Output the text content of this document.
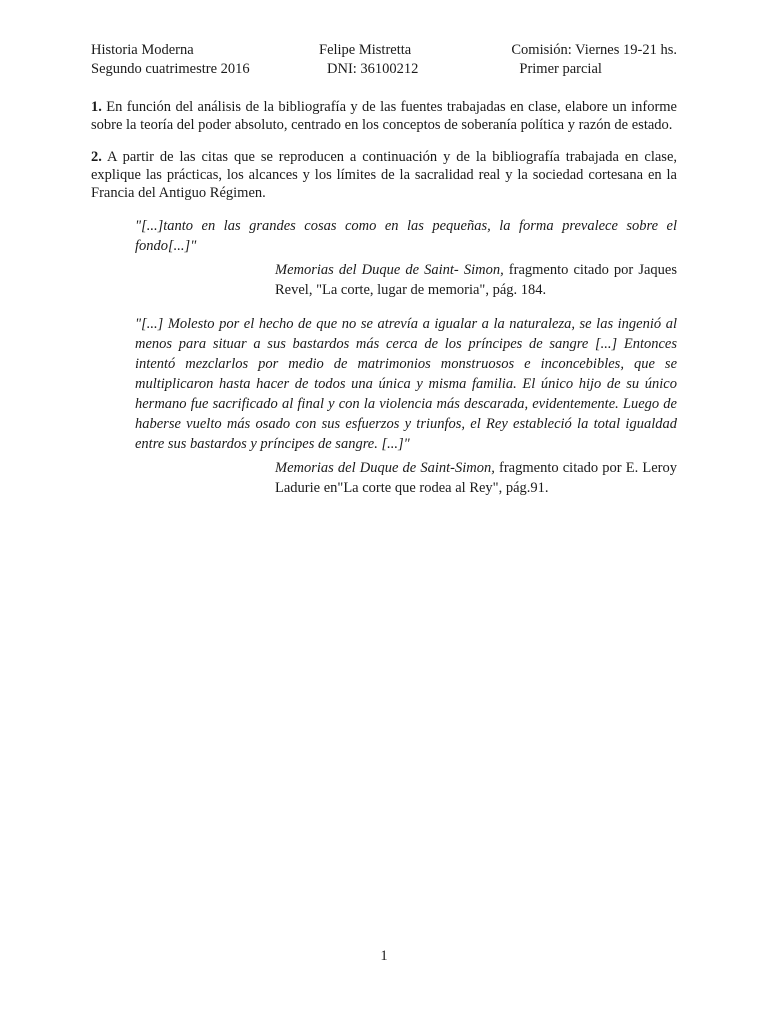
Historia Moderna
Segundo cuatrimestre 2016
Felipe Mistretta
DNI: 36100212
Comisión: Viernes 19-21 hs.
Primer parcial

1. En función del análisis de la bibliografía y de las fuentes trabajadas en clase, elabore un informe sobre la teoría del poder absoluto, centrado en los conceptos de soberanía política y razón de estado.

2. A partir de las citas que se reproducen a continuación y de la bibliografía trabajada en clase, explique las prácticas, los alcances y los límites de la sacralidad real y la sociedad cortesana en la Francia del Antiguo Régimen.

"[...]tanto en las grandes cosas como en las pequeñas, la forma prevalece sobre el fondo[...]"

Memorias del Duque de Saint- Simon, fragmento citado por Jaques Revel, "La corte, lugar de memoria", pág. 184.

"[...] Molesto por el hecho de que no se atrevía a igualar a la naturaleza, se las ingenió al menos para situar a sus bastardos más cerca de los príncipes de sangre [...] Entonces intentó mezclarlos por medio de matrimonios monstruosos e inconcebibles, que se multiplicaron hasta hacer de todos una única y misma familia. El único hijo de su único hermano fue sacrificado al final y con la violencia más descarada, evidentemente. Luego de haberse vuelto más osado con sus esfuerzos y triunfos, el Rey estableció la total igualdad entre sus bastardos y príncipes de sangre. [...]"

Memorias del Duque de Saint-Simon, fragmento citado por E. Leroy Ladurie en"La corte que rodea al Rey", pág.91.

1
